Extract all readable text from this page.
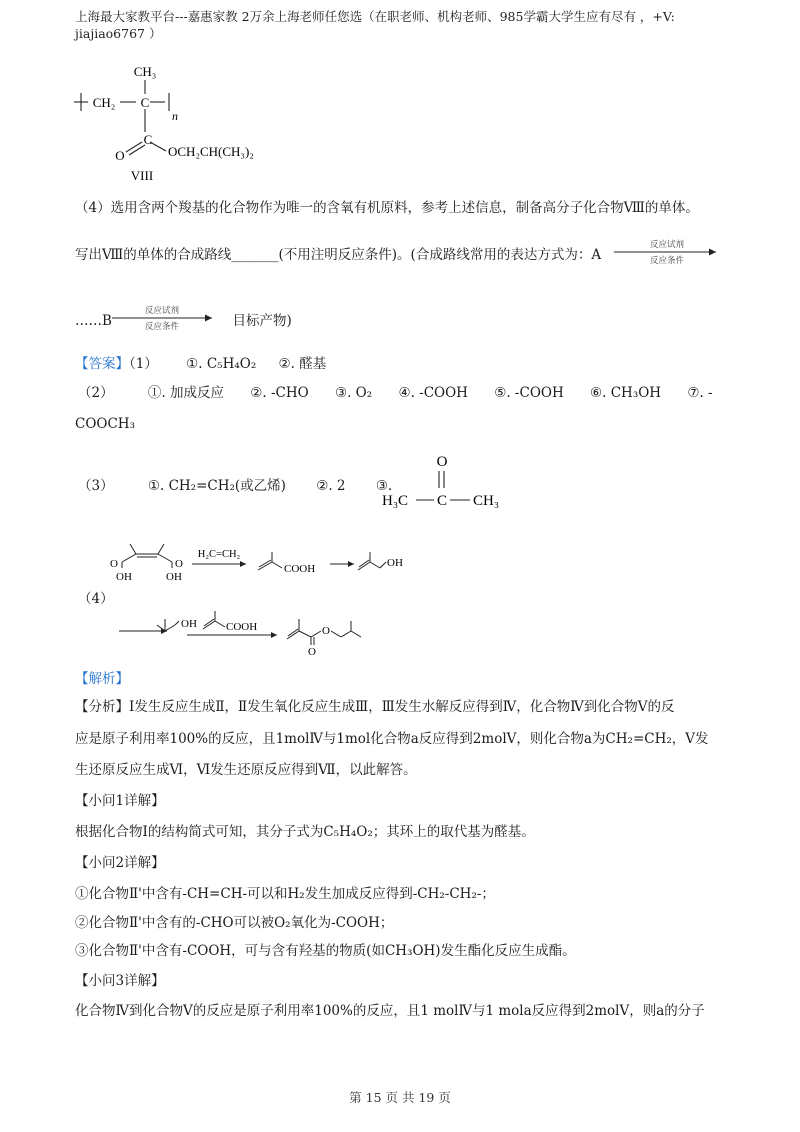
上海最大家教平台---嘉惠家教 2万余上海老师任您选（在职老师、机构老师、985学霸大学生应有尽有 ，+V:
jiajiao6767 ）
CH₃
CH₂ C
n
C
O	OCH₂CH(CH₃)₂
VIII
（4）选用含两个羧基的化合物作为唯一的含氧有机原料，参考上述信息，制备高分子化合物Ⅷ的单体。
写出Ⅷ的单体的合成路线_______(不用注明反应条件)。(合成路线常用的表达方式为：A
反应试剂
反应条件
……B	目标产物)
反应试剂
反应条件
【答案】（1） ①. C₅H₄O₂ ②. 醛基
（2）	①. 加成反应 ②. -CHO ③. O₂ ④. -COOH ⑤. -COOH ⑥. CH₃OH ⑦. -
COOCH₃
（3）	①. CH₂=CH₂(或乙烯) ②. 2 ③.
O
H₃C C CH₃
O
OH
O
OH
H₂C=CH₂
COOH	OH
（4）
OH	COOH	O
O
【解析】
【分析】Ⅰ发生反应生成Ⅱ，Ⅱ发生氧化反应生成Ⅲ，Ⅲ发生水解反应得到Ⅳ，化合物Ⅳ到化合物Ⅴ的反
应是原子利用率100%的反应，且1molⅣ与1mol化合物a反应得到2molⅤ，则化合物a为CH₂=CH₂，Ⅴ发
生还原反应生成Ⅵ，Ⅵ发生还原反应得到Ⅶ，以此解答。
【小问1详解】
根据化合物Ⅰ的结构简式可知，其分子式为C₅H₄O₂；其环上的取代基为醛基。
【小问2详解】
①化合物Ⅱ'中含有-CH=CH-可以和H₂发生加成反应得到-CH₂-CH₂-；
②化合物Ⅱ'中含有的-CHO可以被O₂氧化为-COOH；
③化合物Ⅱ'中含有-COOH，可与含有羟基的物质(如CH₃OH)发生酯化反应生成酯。
【小问3详解】
化合物Ⅳ到化合物Ⅴ的反应是原子利用率100%的反应，且1 molⅣ与1 mola反应得到2molⅤ，则a的分子
第 15 页 共 19 页
